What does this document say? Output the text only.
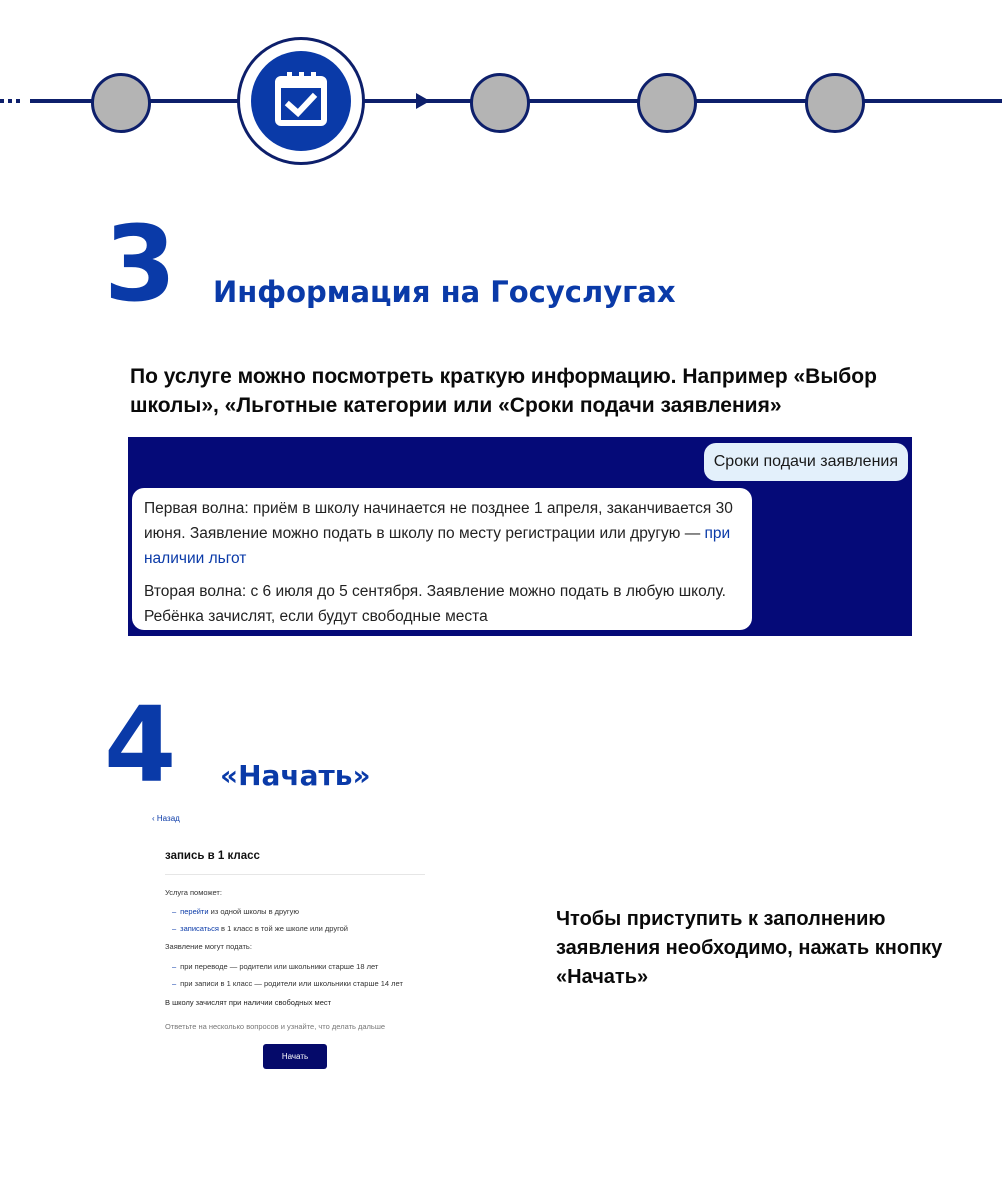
3 Информация на Госуслугах
По услуге можно посмотреть краткую информацию. Например «Выбор школы», «Льготные категории или «Сроки подачи заявления»
Сроки подачи заявления

Первая волна: приём в школу начинается не позднее 1 апреля, заканчивается 30 июня. Заявление можно подать в школу по месту регистрации или другую — при наличии льгот

Вторая волна: с 6 июля до 5 сентября. Заявление можно подать в любую школу. Ребёнка зачислят, если будут свободные места

4 «Начать»
‹ Назад
запись в 1 класс
Услуга поможет:
– перейти из одной школы в другую
– записаться в 1 класс в той же школе или другой
Заявление могут подать:
– при переводе — родители или школьники старше 18 лет
– при записи в 1 класс — родители или школьники старше 14 лет
В школу зачислят при наличии свободных мест
Ответьте на несколько вопросов и узнайте, что делать дальше
Начать
Чтобы приступить к заполнению заявления необходимо, нажать кнопку «Начать»
